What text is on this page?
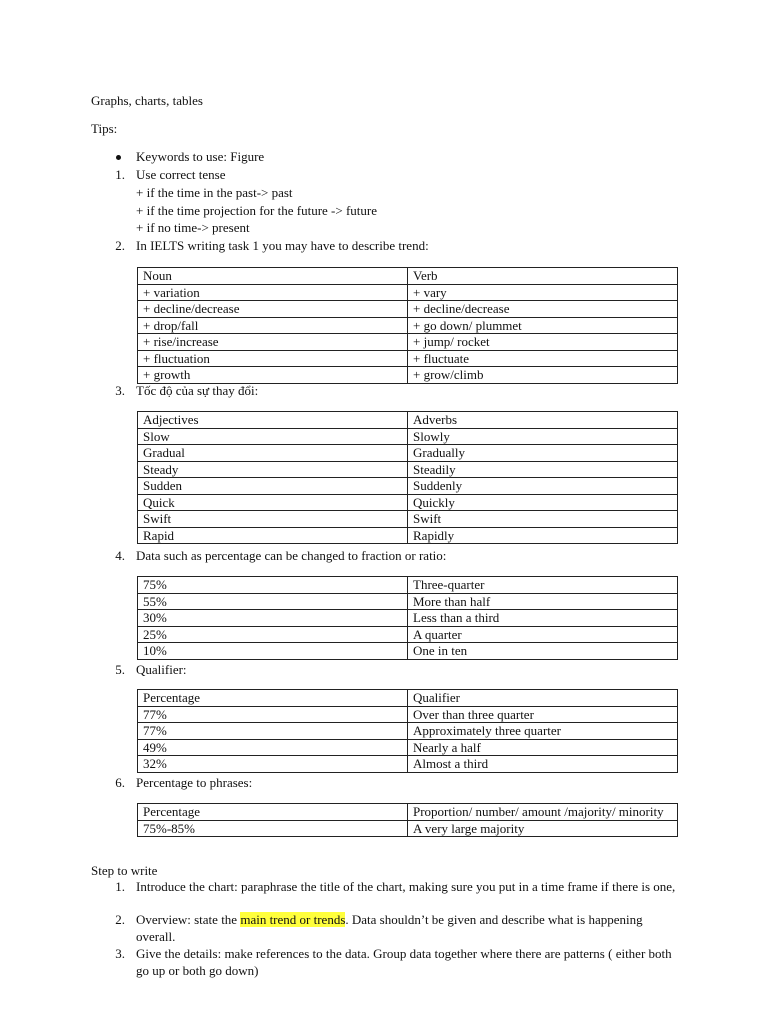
Graphs, charts, tables
Tips:
Keywords to use: Figure
1. Use correct tense
+ if the time in the past-> past
+ if the time projection for the future -> future
+ if no time-> present
2. In IELTS writing task 1 you may have to describe trend:
Noun	Verb
+ variation	+ vary
+ decline/decrease	+ decline/decrease
+ drop/fall	+ go down/ plummet
+ rise/increase	+ jump/ rocket
+ fluctuation	+ fluctuate
+ growth	+ grow/climb
3. Tốc độ của sự thay đổi:
Adjectives	Adverbs
Slow	Slowly
Gradual	Gradually
Steady	Steadily
Sudden	Suddenly
Quick	Quickly
Swift	Swift
Rapid	Rapidly
4. Data such as percentage can be changed to fraction or ratio:
75%	Three-quarter
55%	More than half
30%	Less than a third
25%	A quarter
10%	One in ten
5. Qualifier:
Percentage	Qualifier
77%	Over than three quarter
77%	Approximately three quarter
49%	Nearly a half
32%	Almost a third
6. Percentage to phrases:
Percentage	Proportion/ number/ amount /majority/ minority
75%-85%	A very large majority
Step to write
1. Introduce the chart: paraphrase the title of the chart, making sure you put in a time frame if there is one,
2. Overview: state the main trend or trends. Data shouldn’t be given and describe what is happening overall.
3. Give the details: make references to the data. Group data together where there are patterns ( either both go up or both go down)
